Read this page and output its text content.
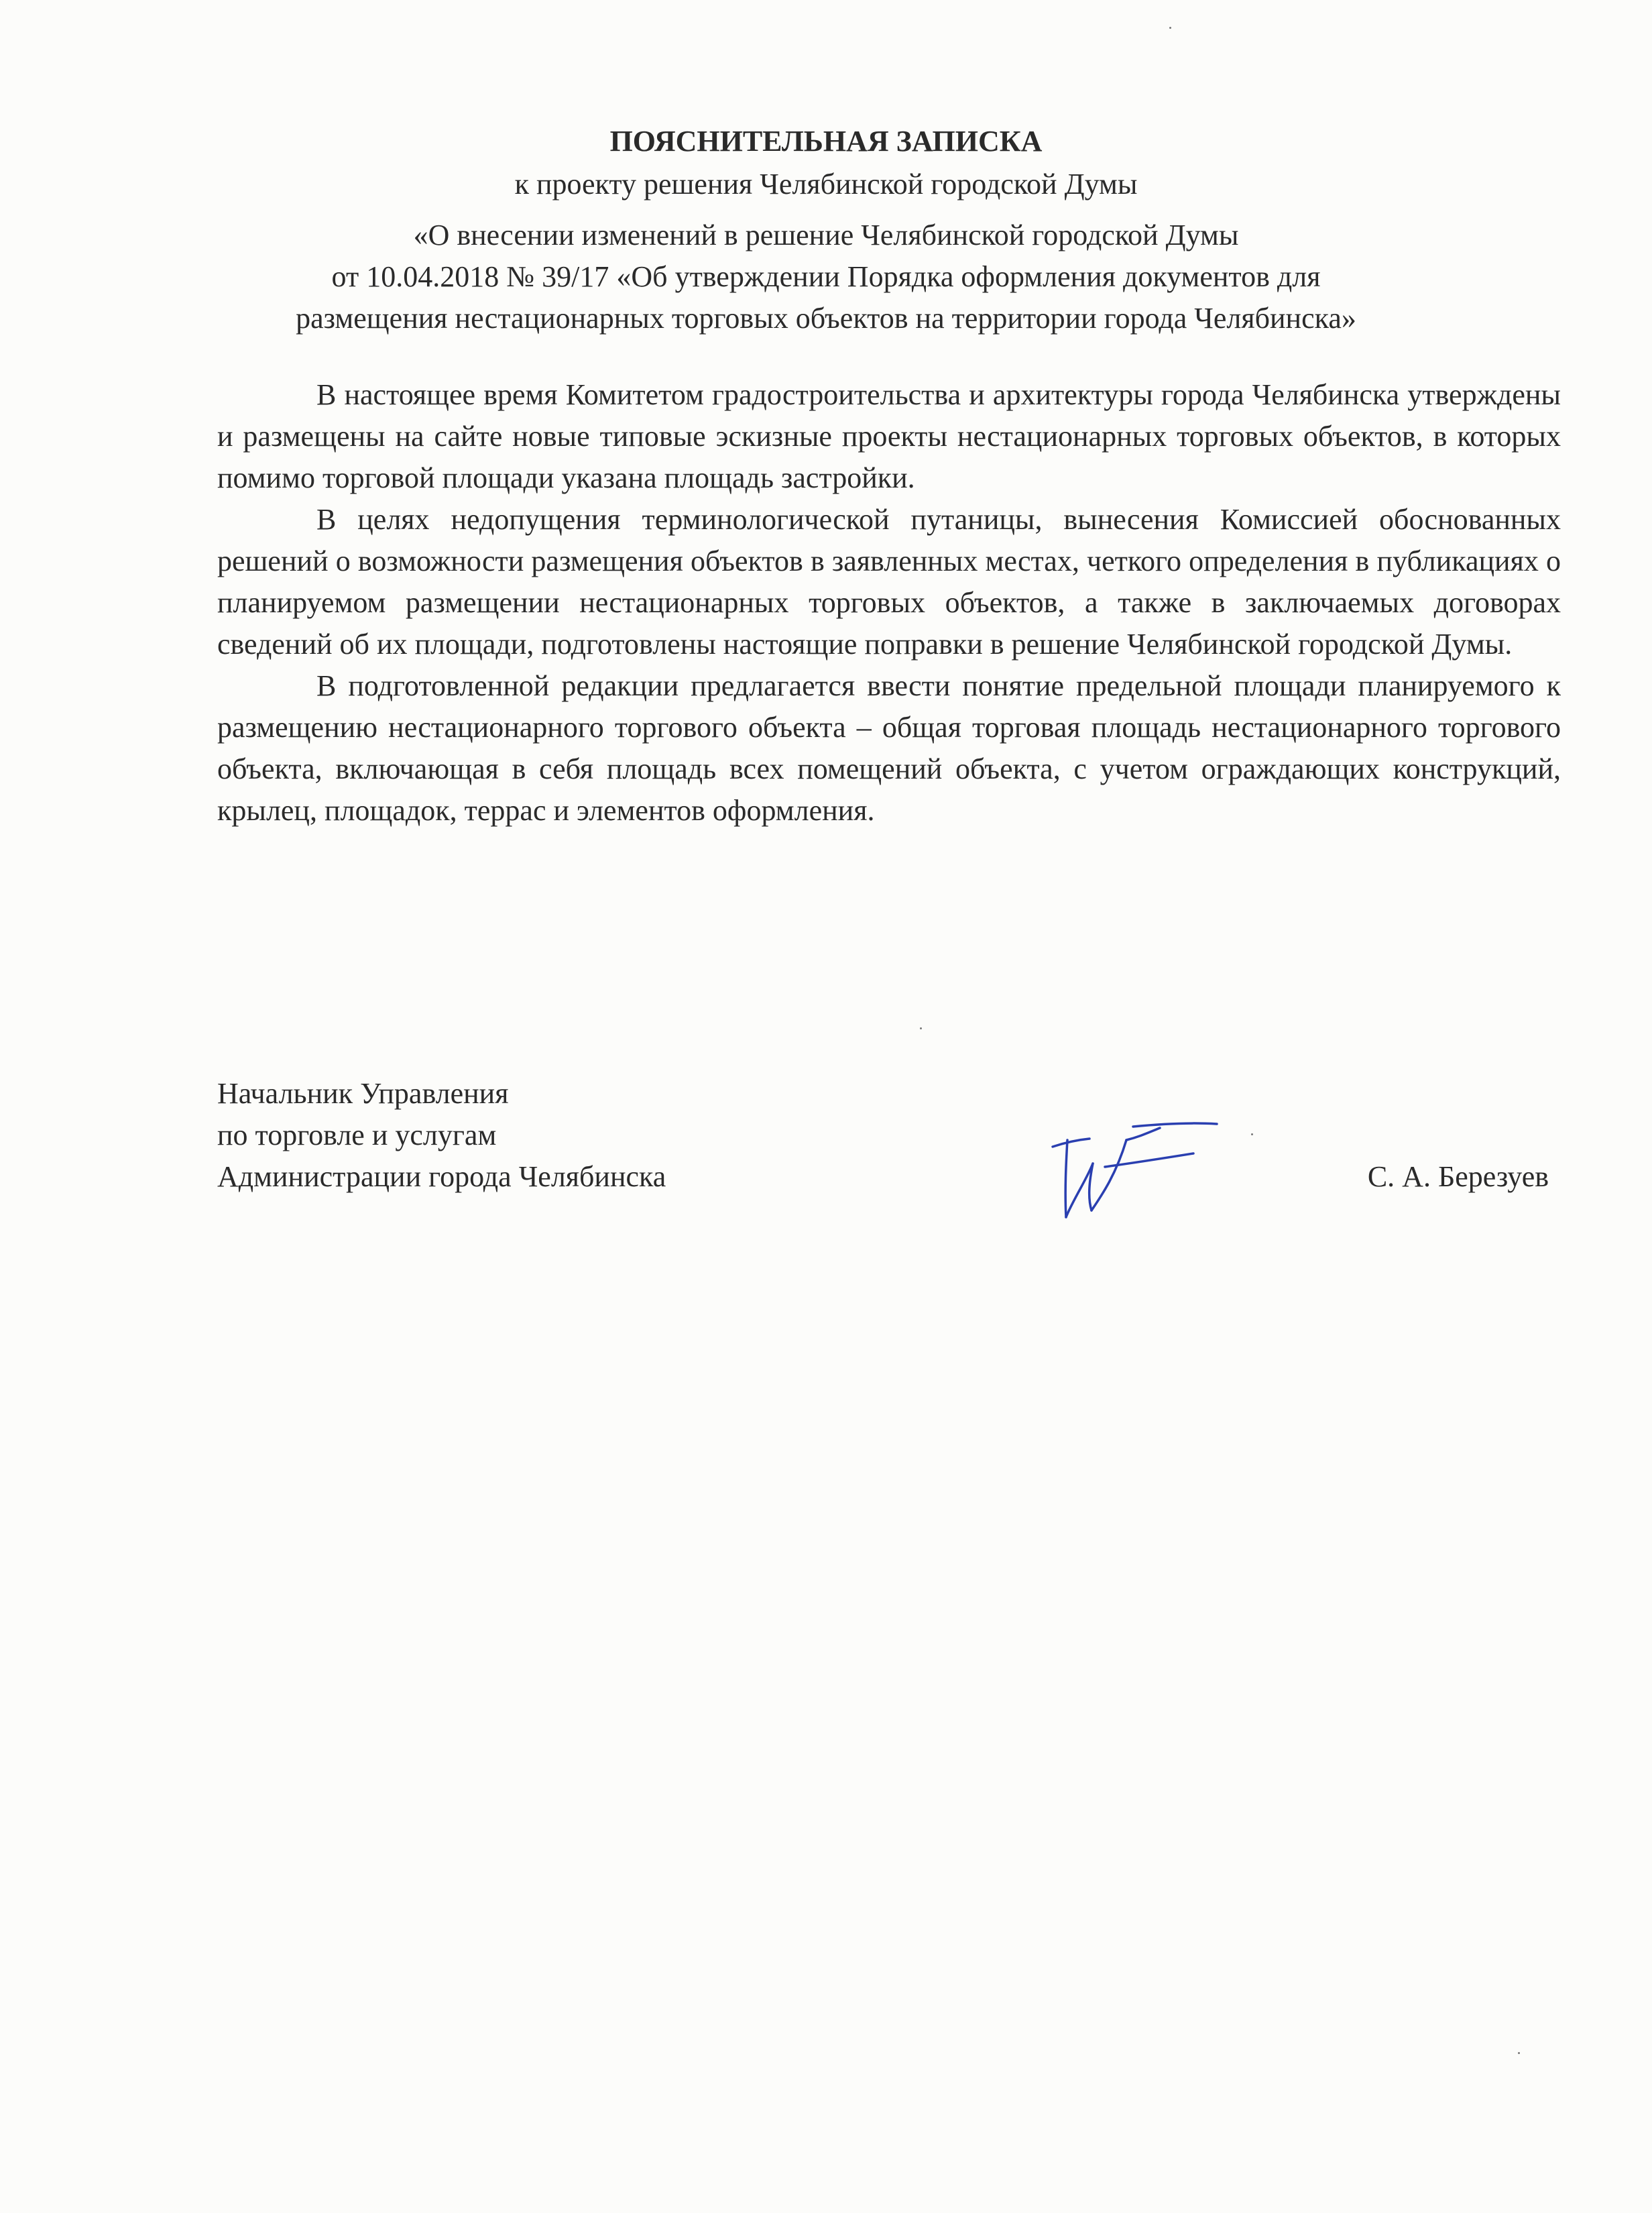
ПОЯСНИТЕЛЬНАЯ ЗАПИСКА

к проекту решения Челябинской городской Думы

«О внесении изменений в решение Челябинской городской Думы

от 10.04.2018 № 39/17 «Об утверждении Порядка оформления документов для

размещения нестационарных торговых объектов на территории города Челябинска»

В настоящее время Комитетом градостроительства и архитектуры города Челябинска утверждены и размещены на сайте новые типовые эскизные проекты нестационарных торговых объектов, в которых помимо торговой площади указана площадь застройки.

В целях недопущения терминологической путаницы, вынесения Комиссией обоснованных решений о возможности размещения объектов в заявленных местах, четкого определения в публикациях о планируемом размещении нестационарных торговых объектов, а также в заключаемых договорах сведений об их площади, подготовлены настоящие поправки в решение Челябинской городской Думы.

В подготовленной редакции предлагается ввести понятие предельной площади планируемого к размещению нестационарного торгового объекта – общая торговая площадь нестационарного торгового объекта, включающая в себя площадь всех помещений объекта, с учетом ограждающих конструкций, крылец, площадок, террас и элементов оформления.

Начальник Управления
по торговле и услугам
Администрации города Челябинска	С. А. Березуев
